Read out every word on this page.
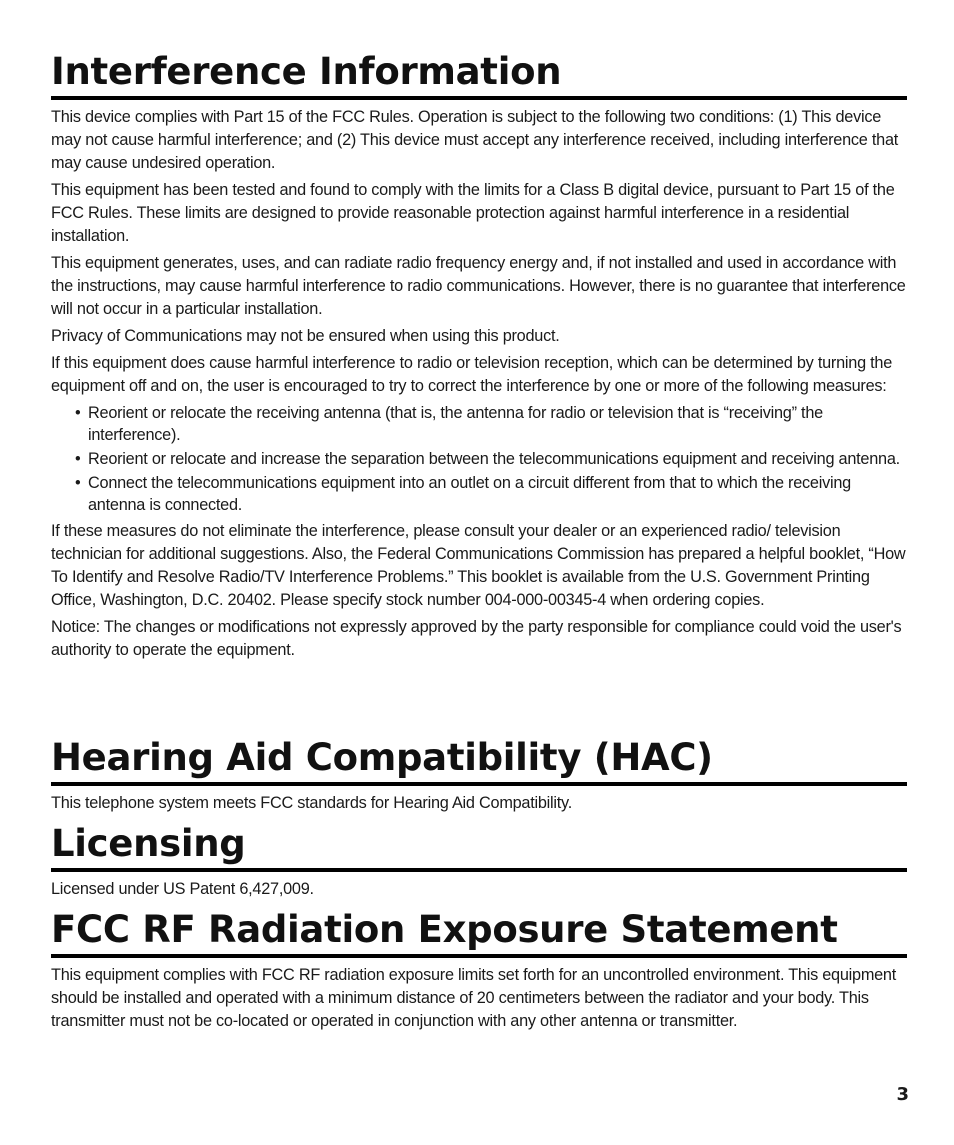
Interference Information

This device complies with Part 15 of the FCC Rules. Operation is subject to the following two conditions: (1) This device may not cause harmful interference; and (2) This device must accept any interference received, including interference that may cause undesired operation.

This equipment has been tested and found to comply with the limits for a Class B digital device, pursuant to Part 15 of the FCC Rules. These limits are designed to provide reasonable protection against harmful interference in a residential installation.

This equipment generates, uses, and can radiate radio frequency energy and, if not installed and used in accordance with the instructions, may cause harmful interference to radio communications. However, there is no guarantee that interference will not occur in a particular installation.

Privacy of Communications may not be ensured when using this product.

If this equipment does cause harmful interference to radio or television reception, which can be determined by turning the equipment off and on, the user is encouraged to try to correct the interference by one or more of the following measures:

• Reorient or relocate the receiving antenna (that is, the antenna for radio or television that is “receiving” the interference).
• Reorient or relocate and increase the separation between the telecommunications equipment and receiving antenna.
• Connect the telecommunications equipment into an outlet on a circuit different from that to which the receiving antenna is connected.

If these measures do not eliminate the interference, please consult your dealer or an experienced radio/ television technician for additional suggestions. Also, the Federal Communications Commission has prepared a helpful booklet, “How To Identify and Resolve Radio/TV Interference Problems.” This booklet is available from the U.S. Government Printing Office, Washington, D.C. 20402. Please specify stock number 004-000-00345-4 when ordering copies.

Notice: The changes or modifications not expressly approved by the party responsible for compliance could void the user's authority to operate the equipment.

Hearing Aid Compatibility (HAC)

This telephone system meets FCC standards for Hearing Aid Compatibility.

Licensing

Licensed under US Patent 6,427,009.

FCC RF Radiation Exposure Statement

This equipment complies with FCC RF radiation exposure limits set forth for an uncontrolled environment. This equipment should be installed and operated with a minimum distance of 20 centimeters between the radiator and your body. This transmitter must not be co-located or operated in conjunction with any other antenna or transmitter.

3
